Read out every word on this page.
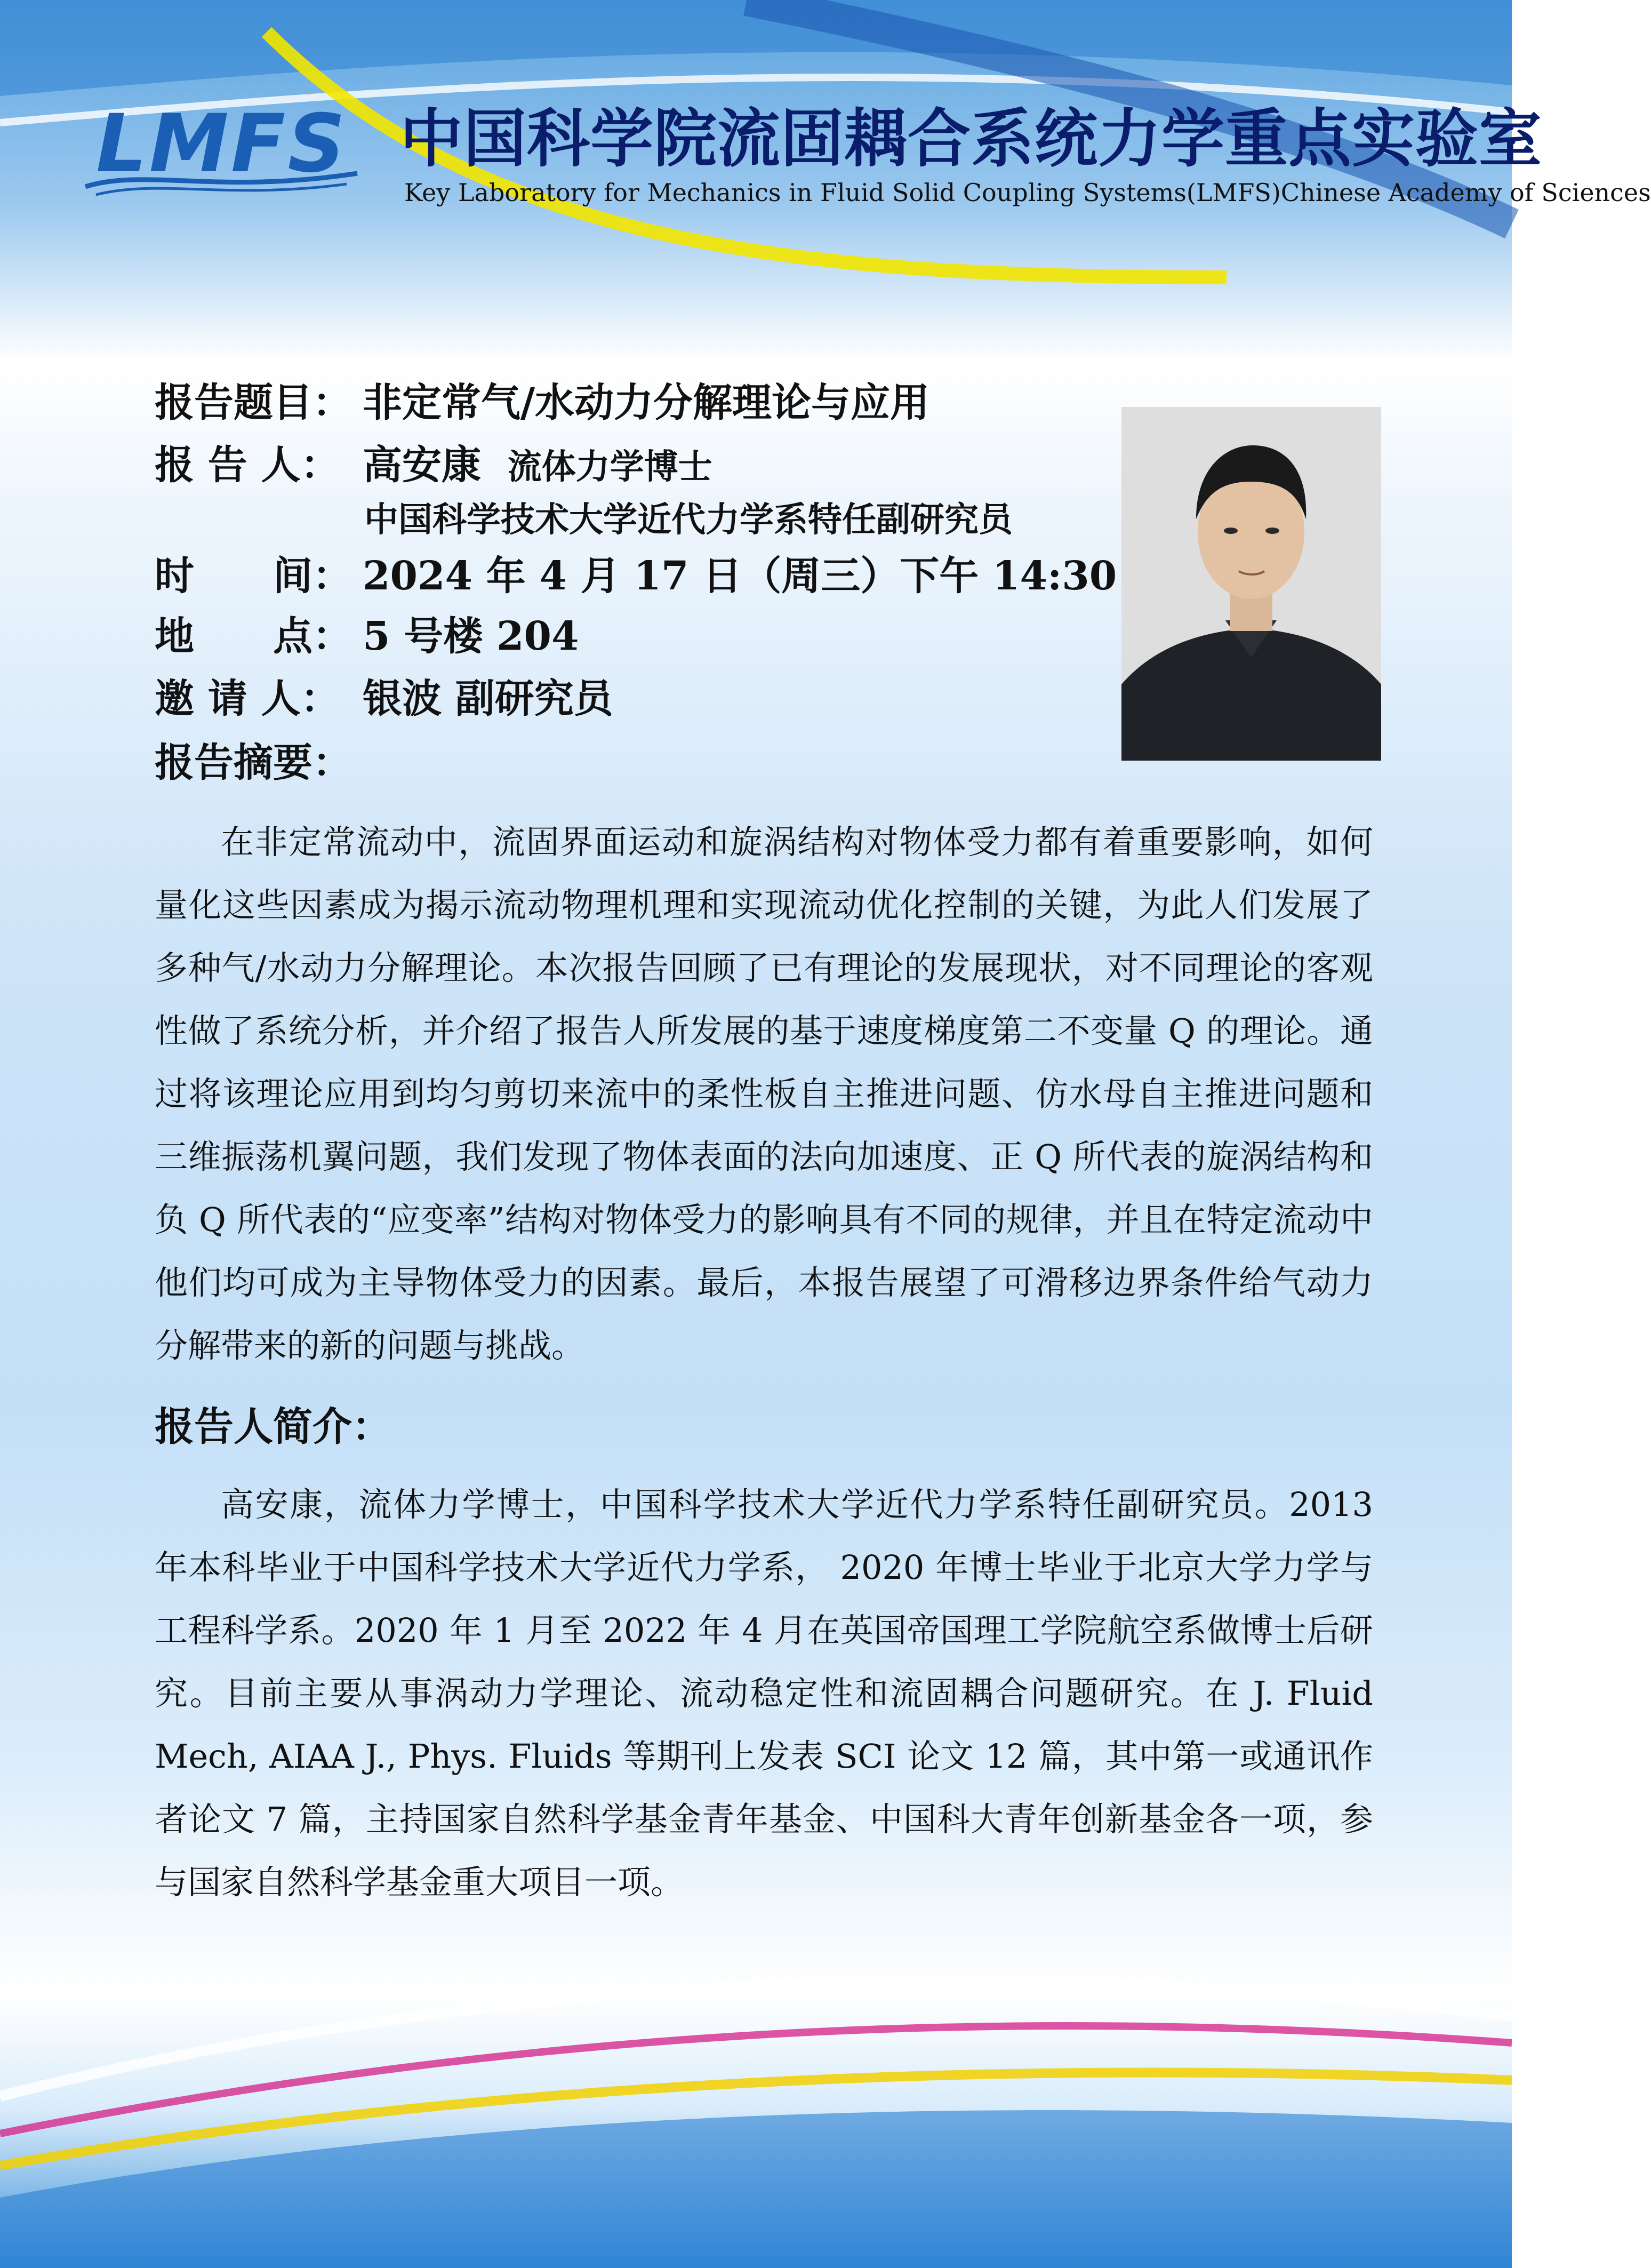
LMFS 中国科学院流固耦合系统力学重点实验室
Key Laboratory for Mechanics in Fluid Solid Coupling Systems(LMFS)Chinese Academy of Sciences
报告题目： 非定常气/水动力分解理论与应用
报 告 人： 高安康 流体力学博士
中国科学技术大学近代力学系特任副研究员
时　　间： 2024 年 4 月 17 日（周三）下午 14:30
地　　点： 5 号楼 204
邀 请 人： 银波 副研究员
报告摘要：

在非定常流动中，流固界面运动和旋涡结构对物体受力都有着重要影响，如何量化这些因素成为揭示流动物理机理和实现流动优化控制的关键，为此人们发展了多种气/水动力分解理论。本次报告回顾了已有理论的发展现状，对不同理论的客观性做了系统分析，并介绍了报告人所发展的基于速度梯度第二不变量 Q 的理论。通过将该理论应用到均匀剪切来流中的柔性板自主推进问题、仿水母自主推进问题和三维振荡机翼问题，我们发现了物体表面的法向加速度、正 Q 所代表的旋涡结构和负 Q 所代表的“应变率”结构对物体受力的影响具有不同的规律，并且在特定流动中他们均可成为主导物体受力的因素。最后，本报告展望了可滑移边界条件给气动力分解带来的新的问题与挑战。

报告人简介：

高安康，流体力学博士，中国科学技术大学近代力学系特任副研究员。2013 年本科毕业于中国科学技术大学近代力学系， 2020 年博士毕业于北京大学力学与工程科学系。2020 年 1 月至 2022 年 4 月在英国帝国理工学院航空系做博士后研究。目前主要从事涡动力学理论、流动稳定性和流固耦合问题研究。在 J. Fluid Mech, AIAA J., Phys. Fluids 等期刊上发表 SCI 论文 12 篇，其中第一或通讯作者论文 7 篇，主持国家自然科学基金青年基金、中国科大青年创新基金各一项，参与国家自然科学基金重大项目一项。
